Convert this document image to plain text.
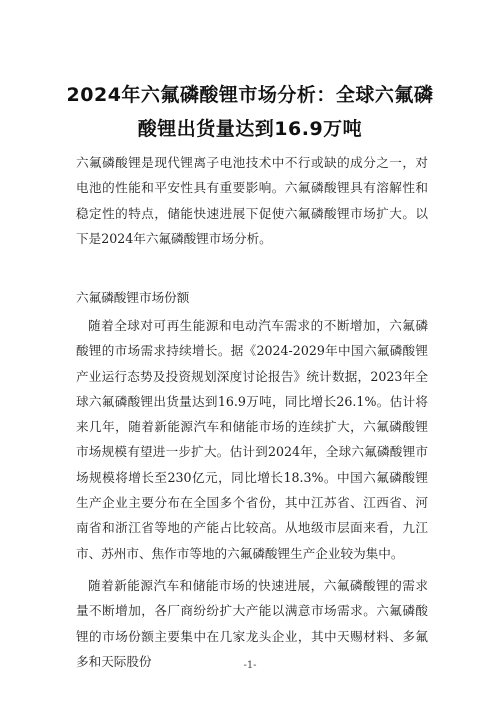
2024年六氟磷酸锂市场分析：全球六氟磷酸锂出货量达到16.9万吨
六氟磷酸锂是现代锂离子电池技术中不行或缺的成分之一，对电池的性能和平安性具有重要影响。六氟磷酸锂具有溶解性和稳定性的特点，储能快速进展下促使六氟磷酸锂市场扩大。以下是2024年六氟磷酸锂市场分析。
六氟磷酸锂市场份额
随着全球对可再生能源和电动汽车需求的不断增加，六氟磷酸锂的市场需求持续增长。据《2024-2029年中国六氟磷酸锂产业运行态势及投资规划深度讨论报告》统计数据，2023年全球六氟磷酸锂出货量达到16.9万吨，同比增长26.1%。估计将来几年，随着新能源汽车和储能市场的连续扩大，六氟磷酸锂市场规模有望进一步扩大。估计到2024年，全球六氟磷酸锂市场规模将增长至230亿元，同比增长18.3%。中国六氟磷酸锂生产企业主要分布在全国多个省份，其中江苏省、江西省、河南省和浙江省等地的产能占比较高。从地级市层面来看，九江市、苏州市、焦作市等地的六氟磷酸锂生产企业较为集中。
随着新能源汽车和储能市场的快速进展，六氟磷酸锂的需求量不断增加，各厂商纷纷扩大产能以满意市场需求。六氟磷酸锂的市场份额主要集中在几家龙头企业，其中天赐材料、多氟多和天际股份	-1-
